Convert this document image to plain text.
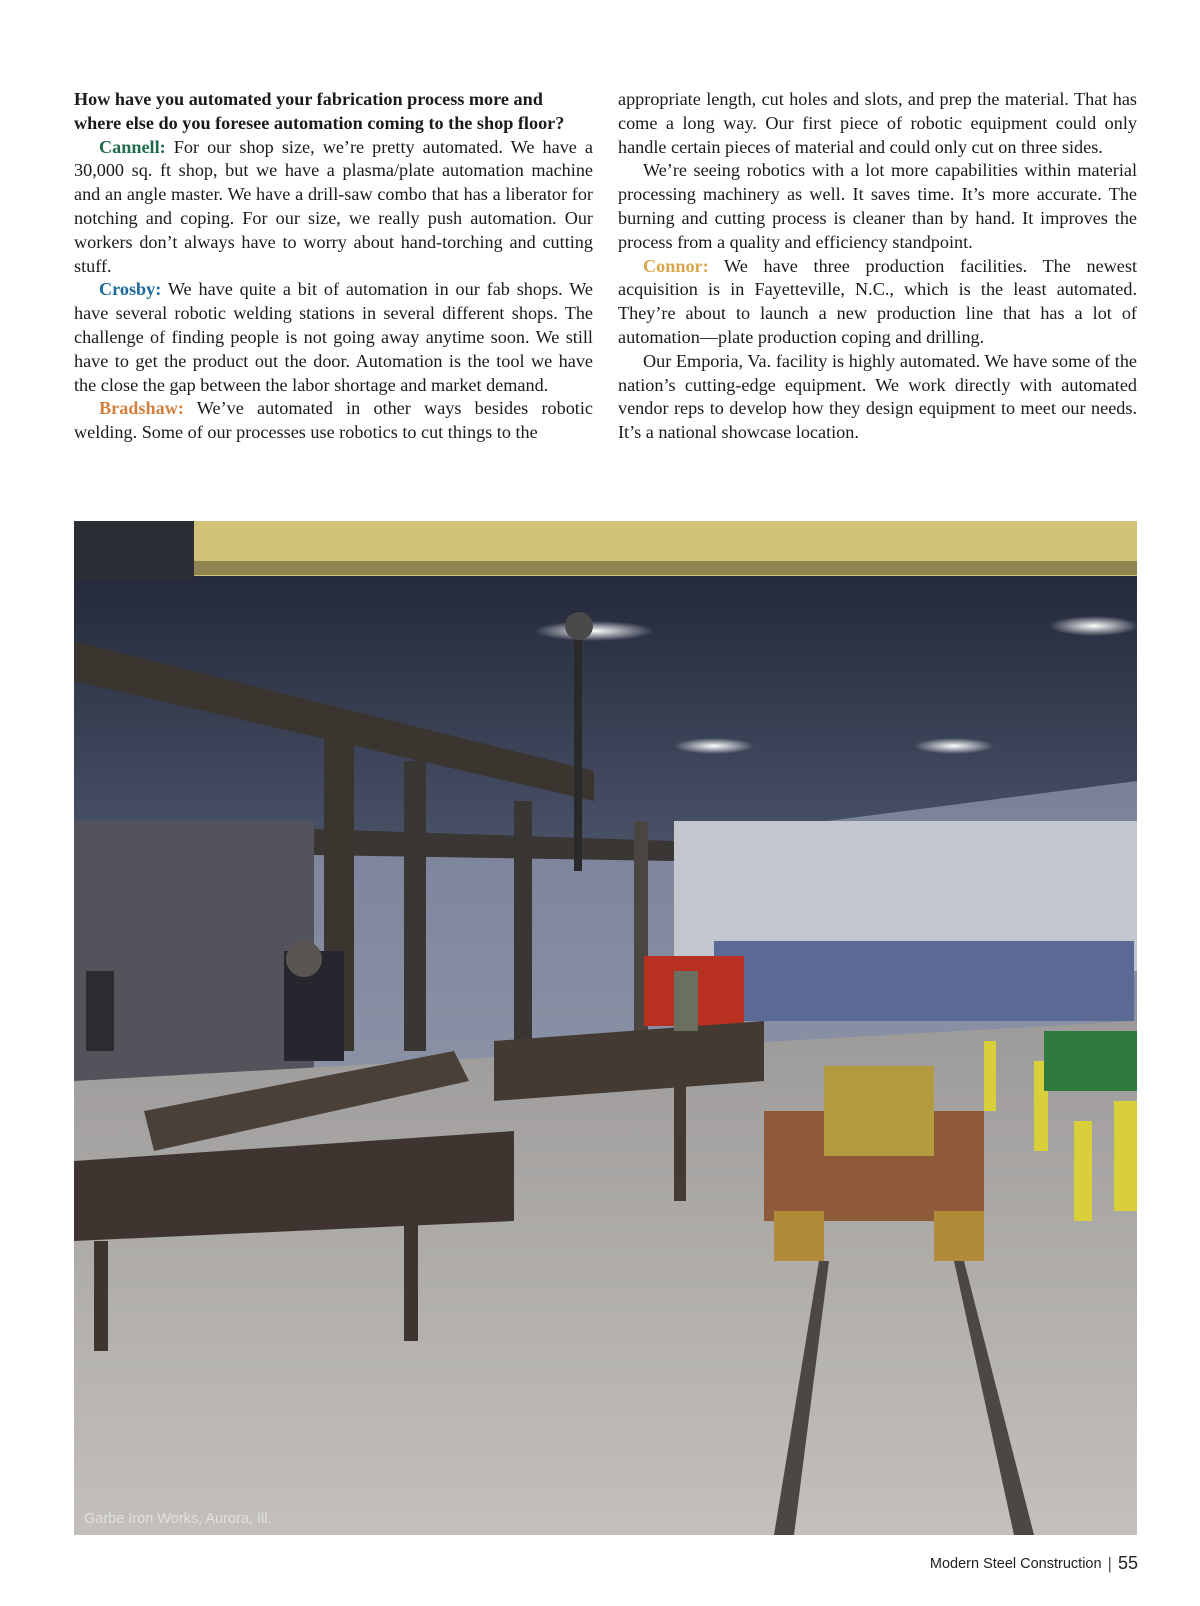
How have you automated your fabrication process more and where else do you foresee automation coming to the shop floor?

Cannell: For our shop size, we’re pretty automated. We have a 30,000 sq. ft shop, but we have a plasma/plate automation machine and an angle master. We have a drill-saw combo that has a liberator for notching and coping. For our size, we really push automation. Our workers don’t always have to worry about hand-torching and cutting stuff.

Crosby: We have quite a bit of automation in our fab shops. We have several robotic welding stations in several different shops. The challenge of finding people is not going away anytime soon. We still have to get the product out the door. Automation is the tool we have the close the gap between the labor shortage and market demand.

Bradshaw: We’ve automated in other ways besides robotic welding. Some of our processes use robotics to cut things to the

appropriate length, cut holes and slots, and prep the material. That has come a long way. Our first piece of robotic equipment could only handle certain pieces of material and could only cut on three sides.

We’re seeing robotics with a lot more capabilities within material processing machinery as well. It saves time. It’s more accurate. The burning and cutting process is cleaner than by hand. It improves the process from a quality and efficiency standpoint.

Connor: We have three production facilities. The newest acquisition is in Fayetteville, N.C., which is the least automated. They’re about to launch a new production line that has a lot of automation—plate production coping and drilling.

Our Emporia, Va. facility is highly automated. We have some of the nation’s cutting-edge equipment. We work directly with automated vendor reps to develop how they design equipment to meet our needs. It’s a national showcase location.

Garbe Iron Works, Aurora, Ill.
Modern Steel Construction | 55
